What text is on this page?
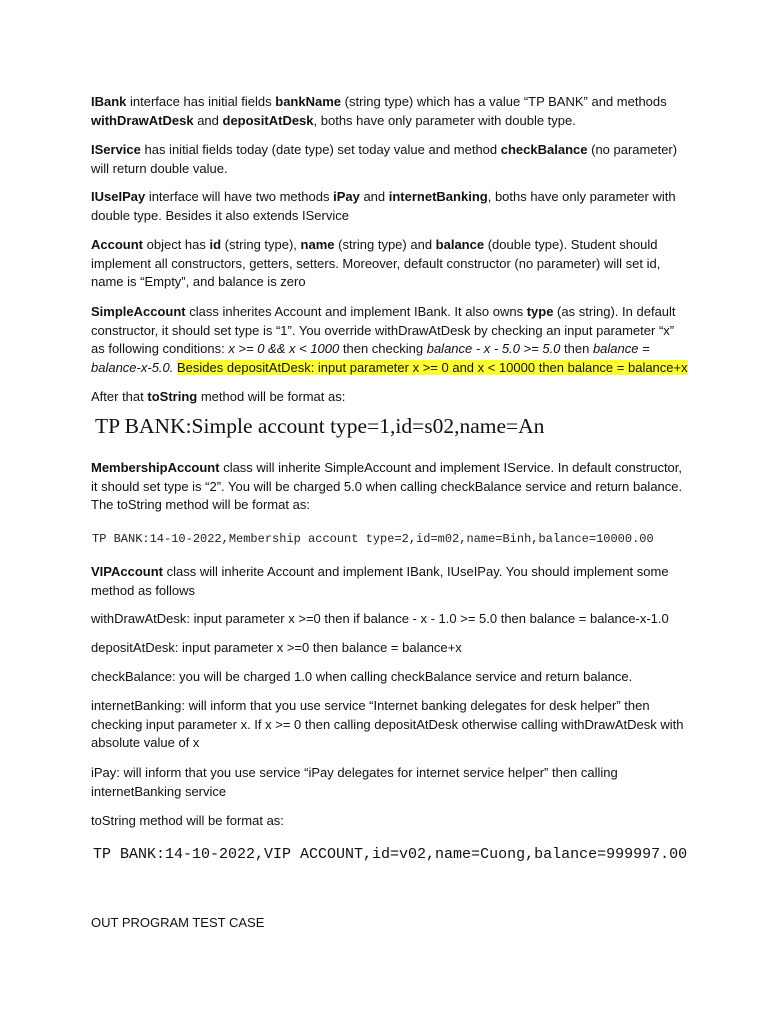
IBank interface has initial fields bankName (string type) which has a value “TP BANK” and methods withDrawAtDesk and depositAtDesk, boths have only parameter with double type.

IService has initial fields today (date type) set today value and method checkBalance (no parameter) will return double value.

IUseIPay interface will have two methods iPay and internetBanking, boths have only parameter with double type. Besides it also extends IService

Account object has id (string type), name (string type) and balance (double type). Student should implement all constructors, getters, setters. Moreover, default constructor (no parameter) will set id, name is “Empty”, and balance is zero

SimpleAccount class inherites Account and implement IBank. It also owns type (as string). In default constructor, it should set type is “1”. You override withDrawAtDesk by checking an input parameter “x” as following conditions: x >= 0 && x < 1000 then checking balance - x - 5.0 >= 5.0 then balance = balance-x-5.0. Besides depositAtDesk: input parameter x >= 0 and x < 10000 then balance = balance+x

After that toString method will be format as:

TP BANK:Simple account type=1,id=s02,name=An

MembershipAccount class will inherite SimpleAccount and implement IService. In default constructor, it should set type is “2”. You will be charged 5.0 when calling checkBalance service and return balance. The toString method will be format as:

TP BANK:14-10-2022,Membership account type=2,id=m02,name=Binh,balance=10000.00

VIPAccount class will inherite Account and implement IBank, IUseIPay. You should implement some method as follows

withDrawAtDesk: input parameter x >=0 then if balance - x - 1.0 >= 5.0 then balance = balance-x-1.0

depositAtDesk: input parameter x >=0 then balance = balance+x

checkBalance: you will be charged 1.0 when calling checkBalance service and return balance.

internetBanking: will inform that you use service “Internet banking delegates for desk helper” then checking input parameter x. If x >= 0 then calling depositAtDesk otherwise calling withDrawAtDesk with absolute value of x

iPay: will inform that you use service “iPay delegates for internet service helper” then calling internetBanking service

toString method will be format as:

TP BANK:14-10-2022,VIP ACCOUNT,id=v02,name=Cuong,balance=999997.00

OUT PROGRAM TEST CASE
